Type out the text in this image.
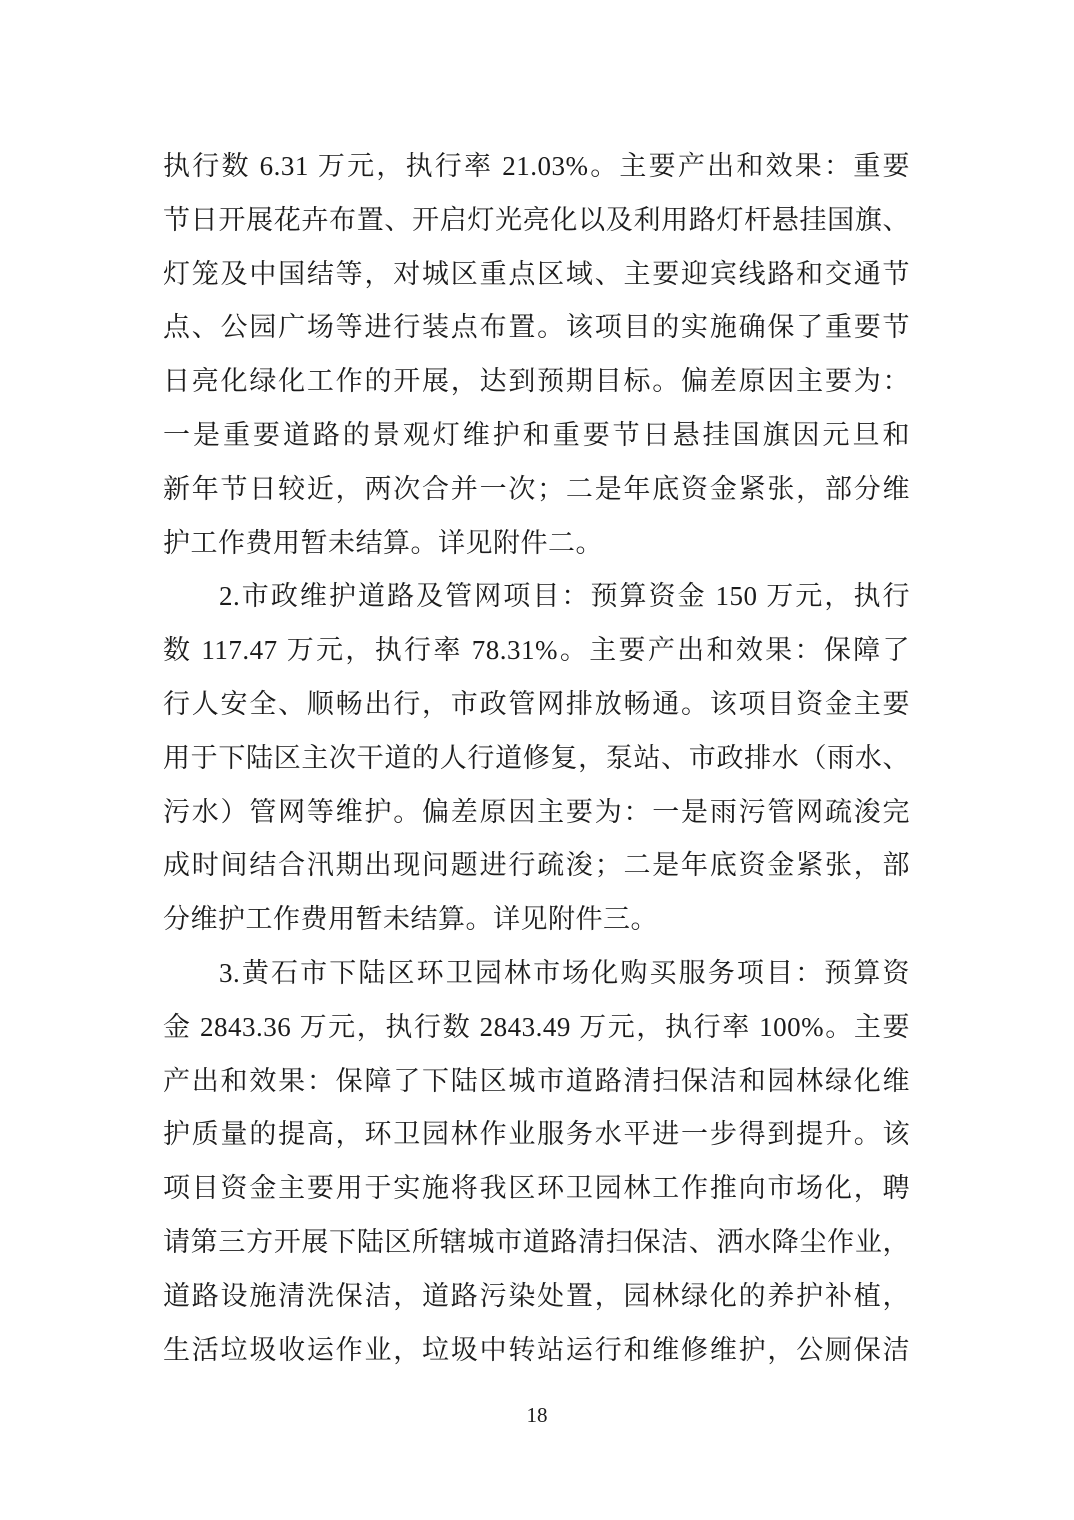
执行数 6.31 万元，执行率 21.03%。主要产出和效果：重要
节日开展花卉布置、开启灯光亮化以及利用路灯杆悬挂国旗、
灯笼及中国结等，对城区重点区域、主要迎宾线路和交通节
点、公园广场等进行装点布置。该项目的实施确保了重要节
日亮化绿化工作的开展，达到预期目标。偏差原因主要为：
一是重要道路的景观灯维护和重要节日悬挂国旗因元旦和
新年节日较近，两次合并一次；二是年底资金紧张，部分维
护工作费用暂未结算。详见附件二。
2.市政维护道路及管网项目：预算资金 150 万元，执行
数 117.47 万元，执行率 78.31%。主要产出和效果：保障了
行人安全、顺畅出行，市政管网排放畅通。该项目资金主要
用于下陆区主次干道的人行道修复，泵站、市政排水（雨水、
污水）管网等维护。偏差原因主要为：一是雨污管网疏浚完
成时间结合汛期出现问题进行疏浚；二是年底资金紧张，部
分维护工作费用暂未结算。详见附件三。
3.黄石市下陆区环卫园林市场化购买服务项目：预算资
金 2843.36 万元，执行数 2843.49 万元，执行率 100%。主要
产出和效果：保障了下陆区城市道路清扫保洁和园林绿化维
护质量的提高，环卫园林作业服务水平进一步得到提升。该
项目资金主要用于实施将我区环卫园林工作推向市场化，聘
请第三方开展下陆区所辖城市道路清扫保洁、洒水降尘作业，
道路设施清洗保洁，道路污染处置，园林绿化的养护补植，
生活垃圾收运作业，垃圾中转站运行和维修维护，公厕保洁
18
